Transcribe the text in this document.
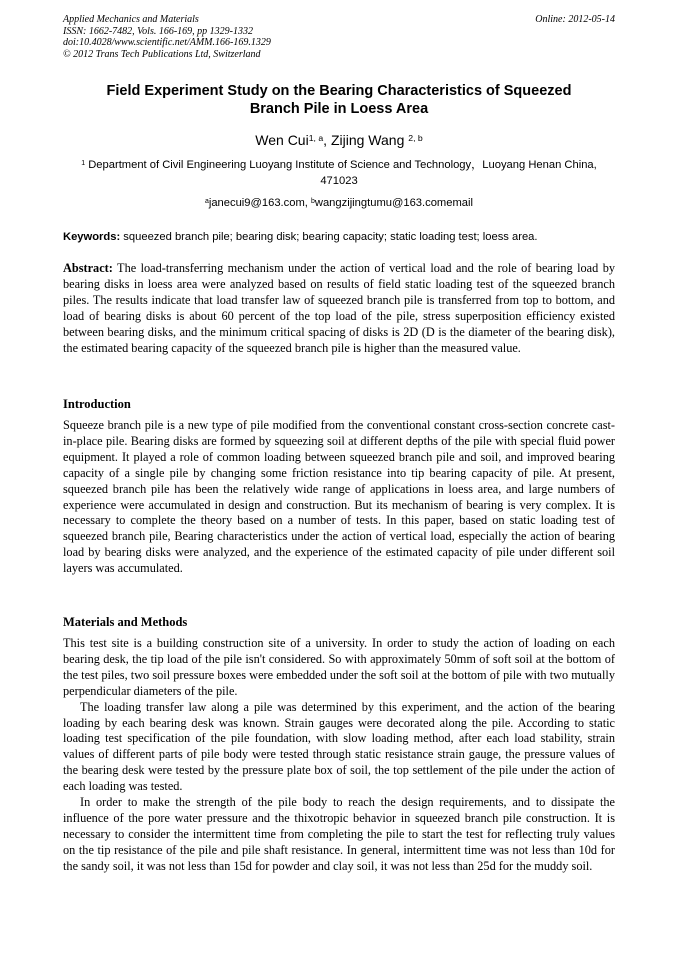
Applied Mechanics and Materials
ISSN: 1662-7482, Vols. 166-169, pp 1329-1332
doi:10.4028/www.scientific.net/AMM.166-169.1329
© 2012 Trans Tech Publications Ltd, Switzerland
Online: 2012-05-14
Field Experiment Study on the Bearing Characteristics of Squeezed
Branch Pile in Loess Area
Wen Cui$^{1, a}$, Zijing Wang $^{2, b}$
$^1$ Department of Civil Engineering Luoyang Institute of Science and Technology，Luoyang Henan China, 471023
$^a$janecui9@163.com, $^b$wangzijingtumu@163.comemail
Keywords: squeezed branch pile; bearing disk; bearing capacity; static loading test; loess area.

Abstract: The load-transferring mechanism under the action of vertical load and the role of bearing load by bearing disks in loess area were analyzed based on results of field static loading test of the squeezed branch piles. The results indicate that load transfer law of squeezed branch pile is transferred from top to bottom, and load of bearing disks is about 60 percent of the top load of the pile, stress superposition efficiency existed between bearing disks, and the minimum critical spacing of disks is 2D (D is the diameter of the bearing disk), the estimated bearing capacity of the squeezed branch pile is higher than the measured value.

Introduction

Squeeze branch pile is a new type of pile modified from the conventional constant cross-section concrete cast-in-place pile. Bearing disks are formed by squeezing soil at different depths of the pile with special fluid power equipment. It played a role of common loading between squeezed branch pile and soil, and improved bearing capacity of a single pile by changing some friction resistance into tip bearing capacity of pile. At present, squeezed branch pile has been the relatively wide range of applications in loess area, and large numbers of experience were accumulated in design and construction. But its mechanism of bearing is very complex. It is necessary to complete the theory based on a number of tests. In this paper, based on static loading test of squeezed branch pile, Bearing characteristics under the action of vertical load, especially the action of bearing load by bearing disks were analyzed, and the experience of the estimated capacity of pile under different soil layers was accumulated.

Materials and Methods

This test site is a building construction site of a university. In order to study the action of loading on each bearing desk, the tip load of the pile isn't considered. So with approximately 50mm of soft soil at the bottom of the test piles, two soil pressure boxes were embedded under the soft soil at the bottom of pile with two mutually perpendicular diameters of the pile.

The loading transfer law along a pile was determined by this experiment, and the action of the bearing loading by each bearing desk was known. Strain gauges were decorated along the pile. According to static loading test specification of the pile foundation, with slow loading method, after each load stability, strain values of different parts of pile body were tested through static resistance strain gauge, the pressure values of the bearing desk were tested by the pressure plate box of soil, the top settlement of the pile under the action of each loading was tested.

In order to make the strength of the pile body to reach the design requirements, and to dissipate the influence of the pore water pressure and the thixotropic behavior in squeezed branch pile construction. It is necessary to consider the intermittent time from completing the pile to start the test for reflecting truly values on the tip resistance of the pile and pile shaft resistance. In general, intermittent time was not less than 10d for the sandy soil, it was not less than 15d for powder and clay soil, it was not less than 25d for the muddy soil.
